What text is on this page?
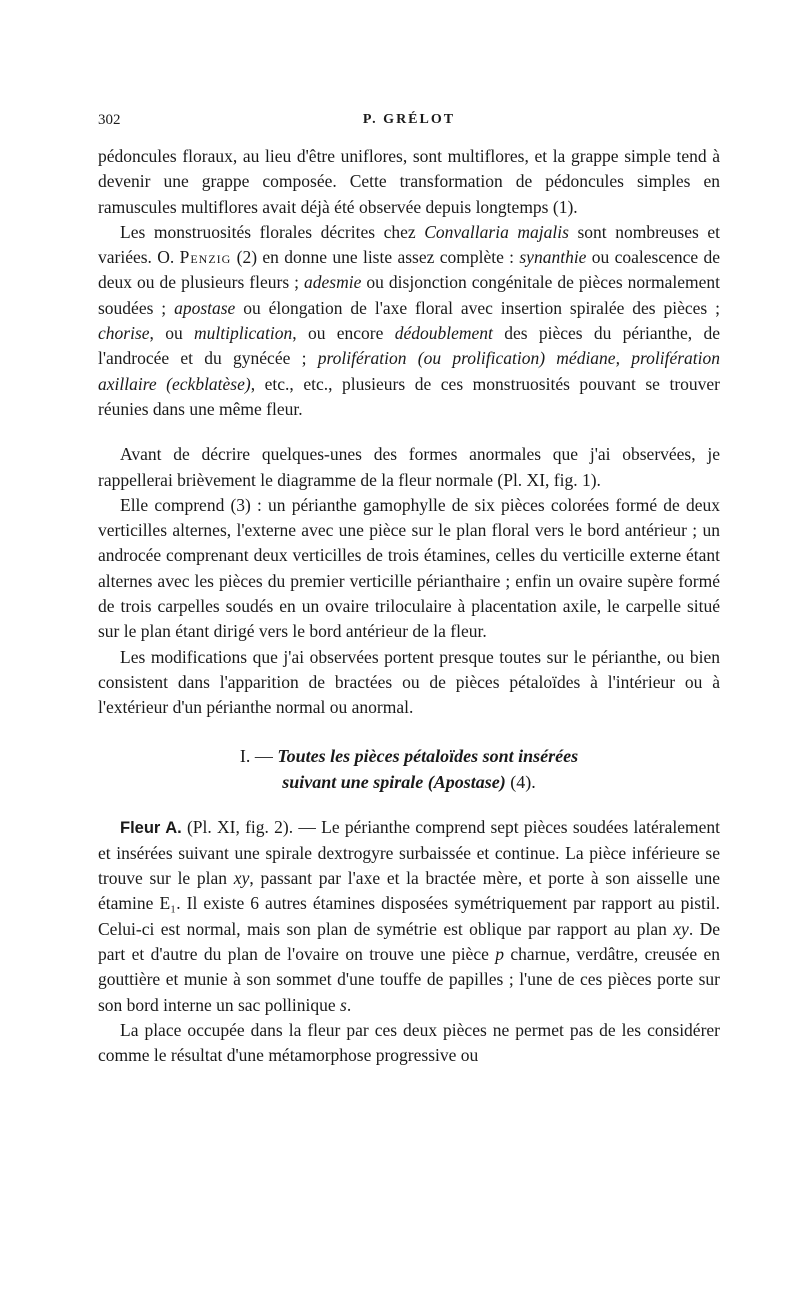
302	P. GRÉLOT

pédoncules floraux, au lieu d'être uniflores, sont multiflores, et la grappe simple tend à devenir une grappe composée. Cette transformation de pédoncules simples en ramuscules multiflores avait déjà été observée depuis longtemps (1).

Les monstruosités florales décrites chez Convallaria majalis sont nombreuses et variées. O. Penzig (2) en donne une liste assez complète : synanthie ou coalescence de deux ou de plusieurs fleurs ; adesmie ou disjonction congénitale de pièces normalement soudées ; apostase ou élongation de l'axe floral avec insertion spiralée des pièces ; chorise, ou multiplication, ou encore dédoublement des pièces du périanthe, de l'androcée et du gynécée ; prolifération (ou prolification) médiane, prolifération axillaire (eckblatèse), etc., etc., plusieurs de ces monstruosités pouvant se trouver réunies dans une même fleur.

Avant de décrire quelques-unes des formes anormales que j'ai observées, je rappellerai brièvement le diagramme de la fleur normale (Pl. XI, fig. 1).

Elle comprend (3) : un périanthe gamophylle de six pièces colorées formé de deux verticilles alternes, l'externe avec une pièce sur le plan floral vers le bord antérieur ; un androcée comprenant deux verticilles de trois étamines, celles du verticille externe étant alternes avec les pièces du premier verticille périanthaire ; enfin un ovaire supère formé de trois carpelles soudés en un ovaire triloculaire à placentation axile, le carpelle situé sur le plan étant dirigé vers le bord antérieur de la fleur.

Les modifications que j'ai observées portent presque toutes sur le périanthe, ou bien consistent dans l'apparition de bractées ou de pièces pétaloïdes à l'intérieur ou à l'extérieur d'un périanthe normal ou anormal.

I. — Toutes les pièces pétaloïdes sont insérées
suivant une spirale (Apostase) (4).

Fleur A. (Pl. XI, fig. 2). — Le périanthe comprend sept pièces soudées latéralement et insérées suivant une spirale dextrogyre surbaissée et continue. La pièce inférieure se trouve sur le plan xy, passant par l'axe et la bractée mère, et porte à son aisselle une étamine E₁. Il existe 6 autres étamines disposées symétriquement par rapport au pistil. Celui-ci est normal, mais son plan de symétrie est oblique par rapport au plan xy. De part et d'autre du plan de l'ovaire on trouve une pièce p charnue, verdâtre, creusée en gouttière et munie à son sommet d'une touffe de papilles ; l'une de ces pièces porte sur son bord interne un sac pollinique s.

La place occupée dans la fleur par ces deux pièces ne permet pas de les considérer comme le résultat d'une métamorphose progressive ou
